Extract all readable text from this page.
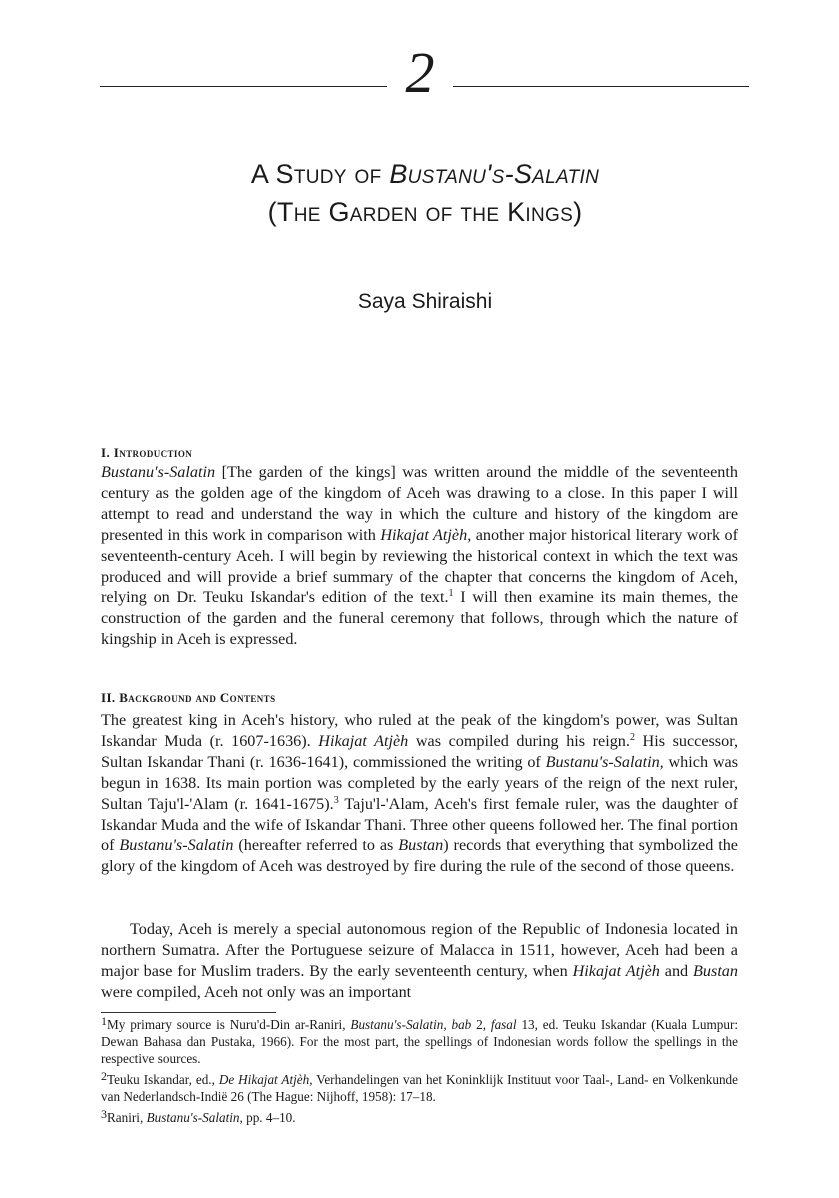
2
A Study of Bustanu's-Salatin
(The Garden of the Kings)
Saya Shiraishi
I. Introduction
Bustanu's-Salatin [The garden of the kings] was written around the middle of the seventeenth century as the golden age of the kingdom of Aceh was drawing to a close. In this paper I will attempt to read and understand the way in which the culture and history of the kingdom are presented in this work in comparison with Hikajat Atjèh, another major historical literary work of seventeenth-century Aceh. I will begin by reviewing the historical context in which the text was produced and will provide a brief summary of the chapter that concerns the kingdom of Aceh, relying on Dr. Teuku Iskandar's edition of the text.$^1$ I will then examine its main themes, the construction of the garden and the funeral ceremony that follows, through which the nature of kingship in Aceh is expressed.
II. Background and Contents
The greatest king in Aceh's history, who ruled at the peak of the kingdom's power, was Sultan Iskandar Muda (r. 1607-1636). Hikajat Atjèh was compiled during his reign.$^2$ His successor, Sultan Iskandar Thani (r. 1636-1641), commissioned the writing of Bustanu's-Salatin, which was begun in 1638. Its main portion was completed by the early years of the reign of the next ruler, Sultan Taju'l-'Alam (r. 1641-1675).$^3$ Taju'l-'Alam, Aceh's first female ruler, was the daughter of Iskandar Muda and the wife of Iskandar Thani. Three other queens followed her. The final portion of Bustanu's-Salatin (hereafter referred to as Bustan) records that everything that symbolized the glory of the kingdom of Aceh was destroyed by fire during the rule of the second of those queens.
Today, Aceh is merely a special autonomous region of the Republic of Indonesia located in northern Sumatra. After the Portuguese seizure of Malacca in 1511, however, Aceh had been a major base for Muslim traders. By the early seventeenth century, when Hikajat Atjèh and Bustan were compiled, Aceh not only was an important

$^1$My primary source is Nuru'd-Din ar-Raniri, Bustanu's-Salatin, bab 2, fasal 13, ed. Teuku Iskandar (Kuala Lumpur: Dewan Bahasa dan Pustaka, 1966). For the most part, the spellings of Indonesian words follow the spellings in the respective sources.

$^2$Teuku Iskandar, ed., De Hikajat Atjèh, Verhandelingen van het Koninklijk Instituut voor Taal-, Land- en Volkenkunde van Nederlandsch-Indië 26 (The Hague: Nijhoff, 1958): 17–18.

$^3$Raniri, Bustanu's-Salatin, pp. 4–10.
